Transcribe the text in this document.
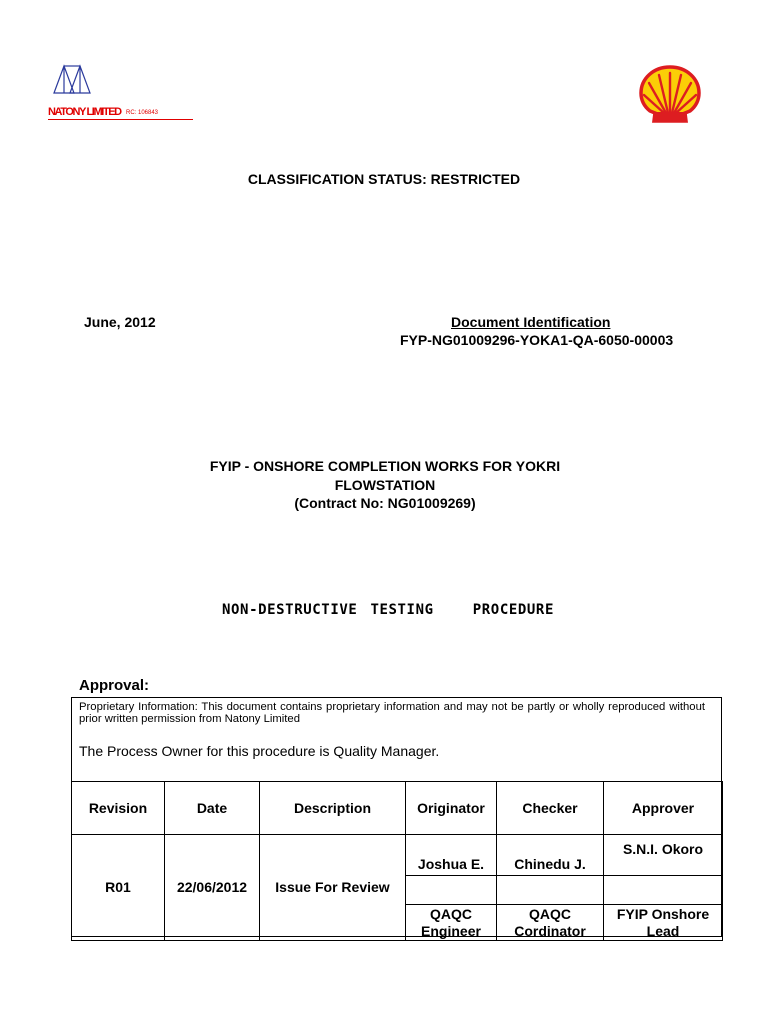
NATONY LIMITED RC: 106843
CLASSIFICATION STATUS: RESTRICTED
June, 2012	Document Identification
FYP-NG01009296-YOKA1-QA-6050-00003
FYIP - ONSHORE COMPLETION WORKS FOR YOKRI
FLOWSTATION
(Contract No: NG01009269)
NON-DESTRUCTIVE TESTING   PROCEDURE
Approval:
Proprietary Information: This document contains proprietary information and may not be partly or wholly reproduced without prior written permission from Natony Limited
The Process Owner for this procedure is Quality Manager.
Revision	Date	Description	Originator	Checker	Approver
R01	22/06/2012	Issue For Review	Joshua E.	Chinedu J.	S.N.I. Okoro

			QAQC Engineer	QAQC Cordinator	FYIP Onshore Lead
